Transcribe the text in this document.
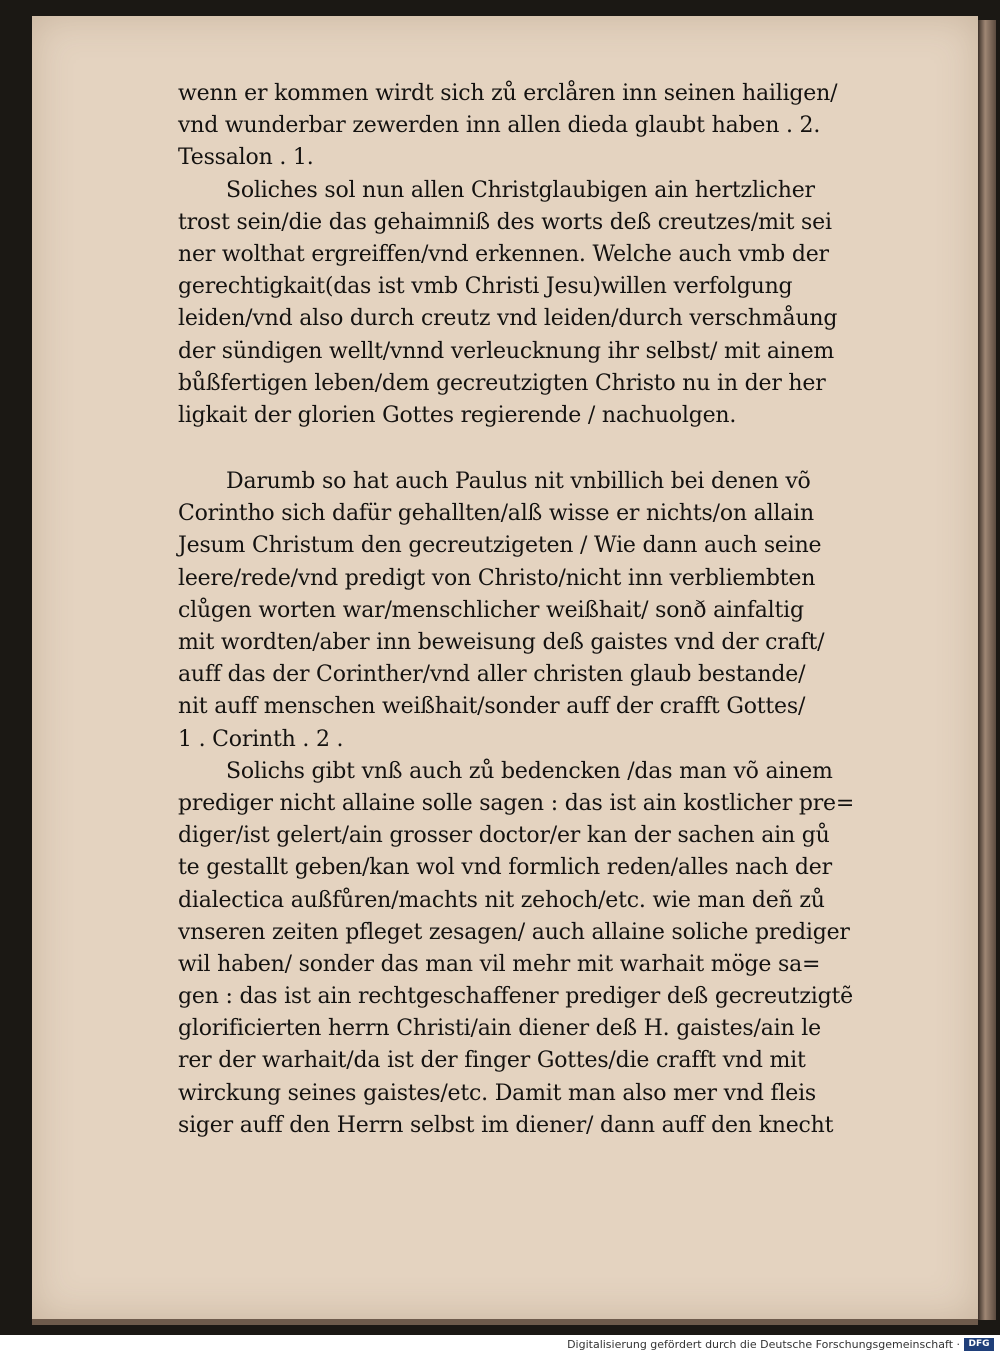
wenn er kommen wirdt sich zů erclåren inn seinen hailigen/
vnd wunderbar zewerden inn allen dieda glaubt haben . 2.
Tessalon . 1.
Soliches sol nun allen Christglaubigen ain hertzlicher
trost sein/die das gehaimniß des worts deß creutzes/mit sei
ner wolthat ergreiffen/vnd erkennen. Welche auch vmb der
gerechtigkait(das ist vmb Christi Jesu)willen verfolgung
leiden/vnd also durch creutz vnd leiden/durch verschmåung
der sündigen wellt/vnnd verleucknung ihr selbst/ mit ainem
bůßfertigen leben/dem gecreutzigten Christo nu in der her
ligkait der glorien Gottes regierende / nachuolgen.
Darumb so hat auch Paulus nit vnbillich bei denen võ
Corintho sich dafür gehallten/alß wisse er nichts/on allain
Jesum Christum den gecreutzigeten / Wie dann auch seine
leere/rede/vnd predigt von Christo/nicht inn verbliembten
clůgen worten war/menschlicher weißhait/ sonð ainfaltig
mit wordten/aber inn beweisung deß gaistes vnd der craft/
auff das der Corinther/vnd aller christen glaub bestande/
nit auff menschen weißhait/sonder auff der crafft Gottes/
1 . Corinth . 2 .
Solichs gibt vnß auch zů bedencken /das man võ ainem
prediger nicht allaine solle sagen : das ist ain kostlicher pre=
diger/ist gelert/ain grosser doctor/er kan der sachen ain gů
te gestallt geben/kan wol vnd formlich reden/alles nach der
dialectica außfůren/machts nit zehoch/etc. wie man deñ zů
vnseren zeiten pfleget zesagen/ auch allaine soliche prediger
wil haben/ sonder das man vil mehr mit warhait möge sa=
gen : das ist ain rechtgeschaffener prediger deß gecreutzigtẽ
glorificierten herrn Christi/ain diener deß H. gaistes/ain le
rer der warhait/da ist der finger Gottes/die crafft vnd mit
wirckung seines gaistes/etc. Damit man also mer vnd fleis
siger auff den Herrn selbst im diener/ dann auff den knecht
Digitalisierung gefördert durch die Deutsche Forschungsgemeinschaft · DFG
